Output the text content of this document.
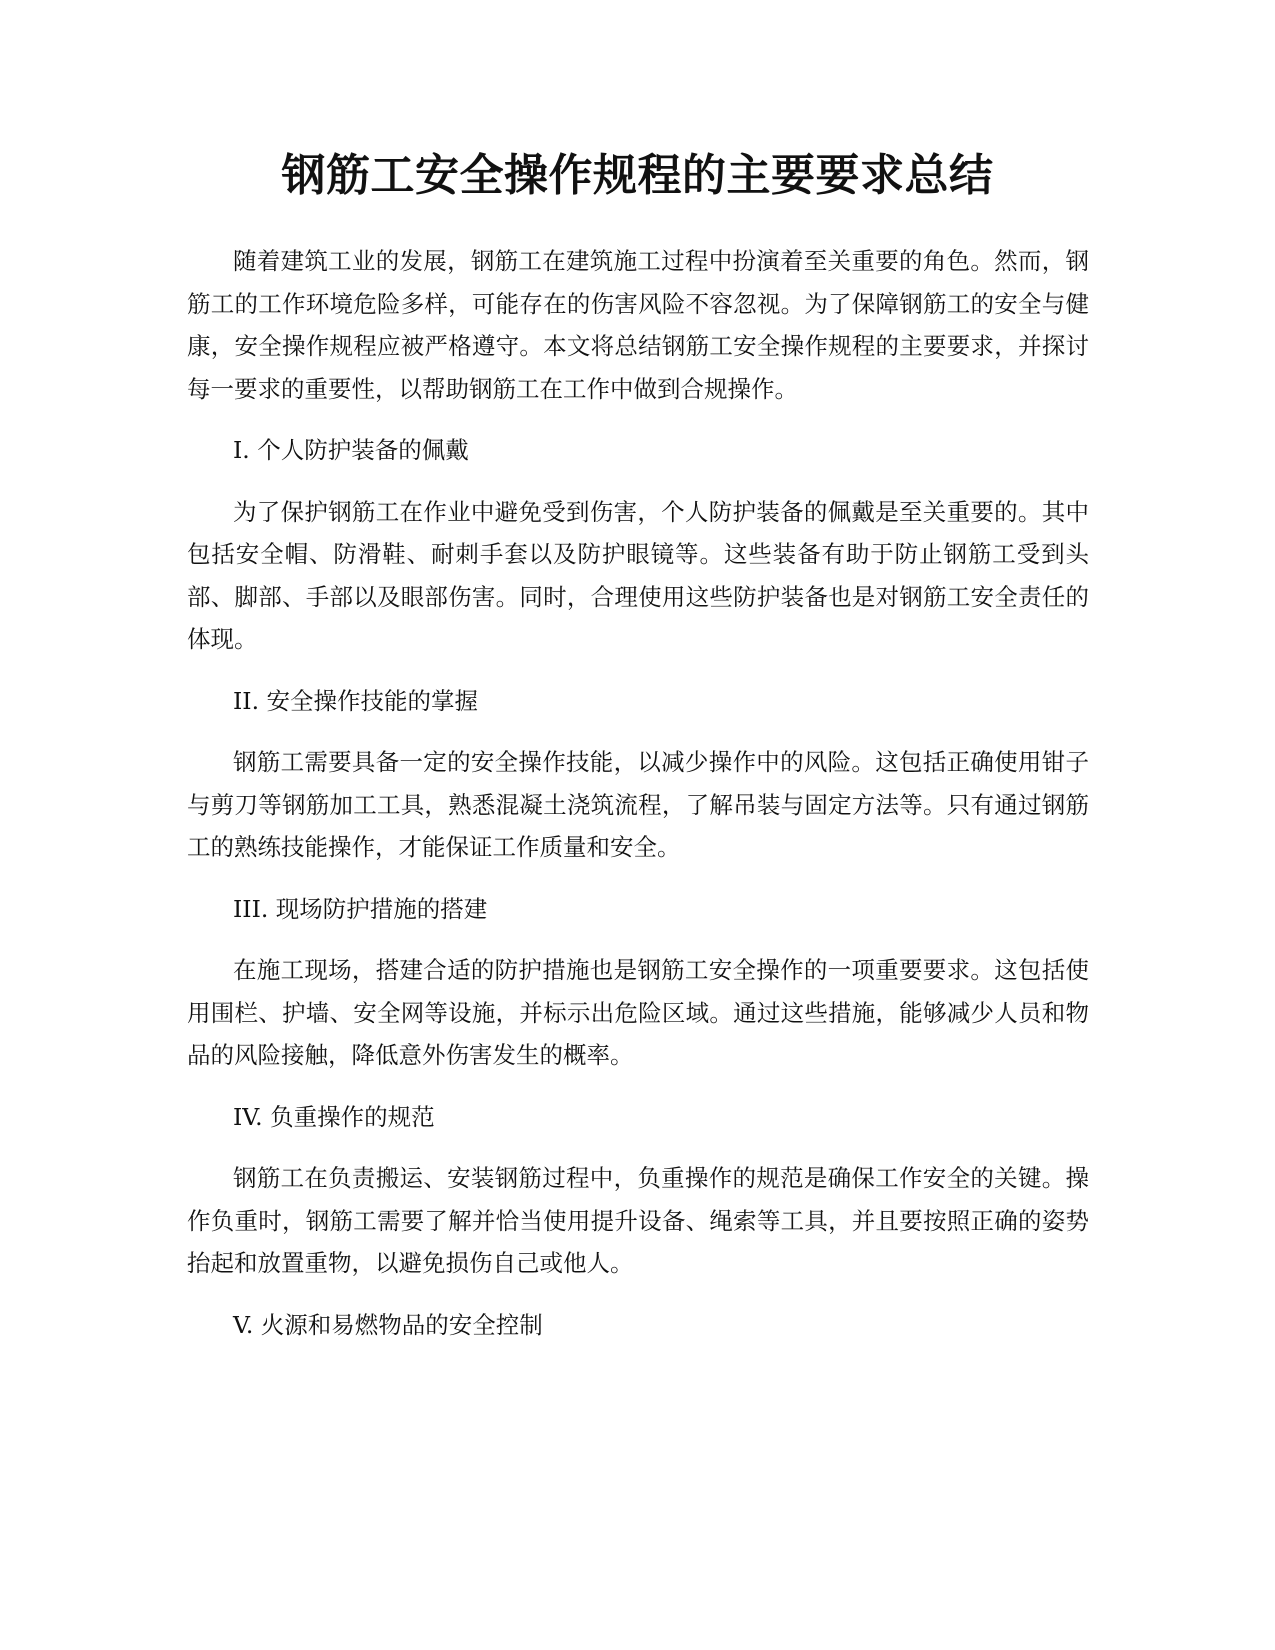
钢筋工安全操作规程的主要要求总结

随着建筑工业的发展，钢筋工在建筑施工过程中扮演着至关重要的角色。然而，钢筋工的工作环境危险多样，可能存在的伤害风险不容忽视。为了保障钢筋工的安全与健康，安全操作规程应被严格遵守。本文将总结钢筋工安全操作规程的主要要求，并探讨每一要求的重要性，以帮助钢筋工在工作中做到合规操作。

I. 个人防护装备的佩戴

为了保护钢筋工在作业中避免受到伤害，个人防护装备的佩戴是至关重要的。其中包括安全帽、防滑鞋、耐刺手套以及防护眼镜等。这些装备有助于防止钢筋工受到头部、脚部、手部以及眼部伤害。同时，合理使用这些防护装备也是对钢筋工安全责任的体现。

II. 安全操作技能的掌握

钢筋工需要具备一定的安全操作技能，以减少操作中的风险。这包括正确使用钳子与剪刀等钢筋加工工具，熟悉混凝土浇筑流程，了解吊装与固定方法等。只有通过钢筋工的熟练技能操作，才能保证工作质量和安全。

III. 现场防护措施的搭建

在施工现场，搭建合适的防护措施也是钢筋工安全操作的一项重要要求。这包括使用围栏、护墙、安全网等设施，并标示出危险区域。通过这些措施，能够减少人员和物品的风险接触，降低意外伤害发生的概率。

IV. 负重操作的规范

钢筋工在负责搬运、安装钢筋过程中，负重操作的规范是确保工作安全的关键。操作负重时，钢筋工需要了解并恰当使用提升设备、绳索等工具，并且要按照正确的姿势抬起和放置重物，以避免损伤自己或他人。

V. 火源和易燃物品的安全控制
